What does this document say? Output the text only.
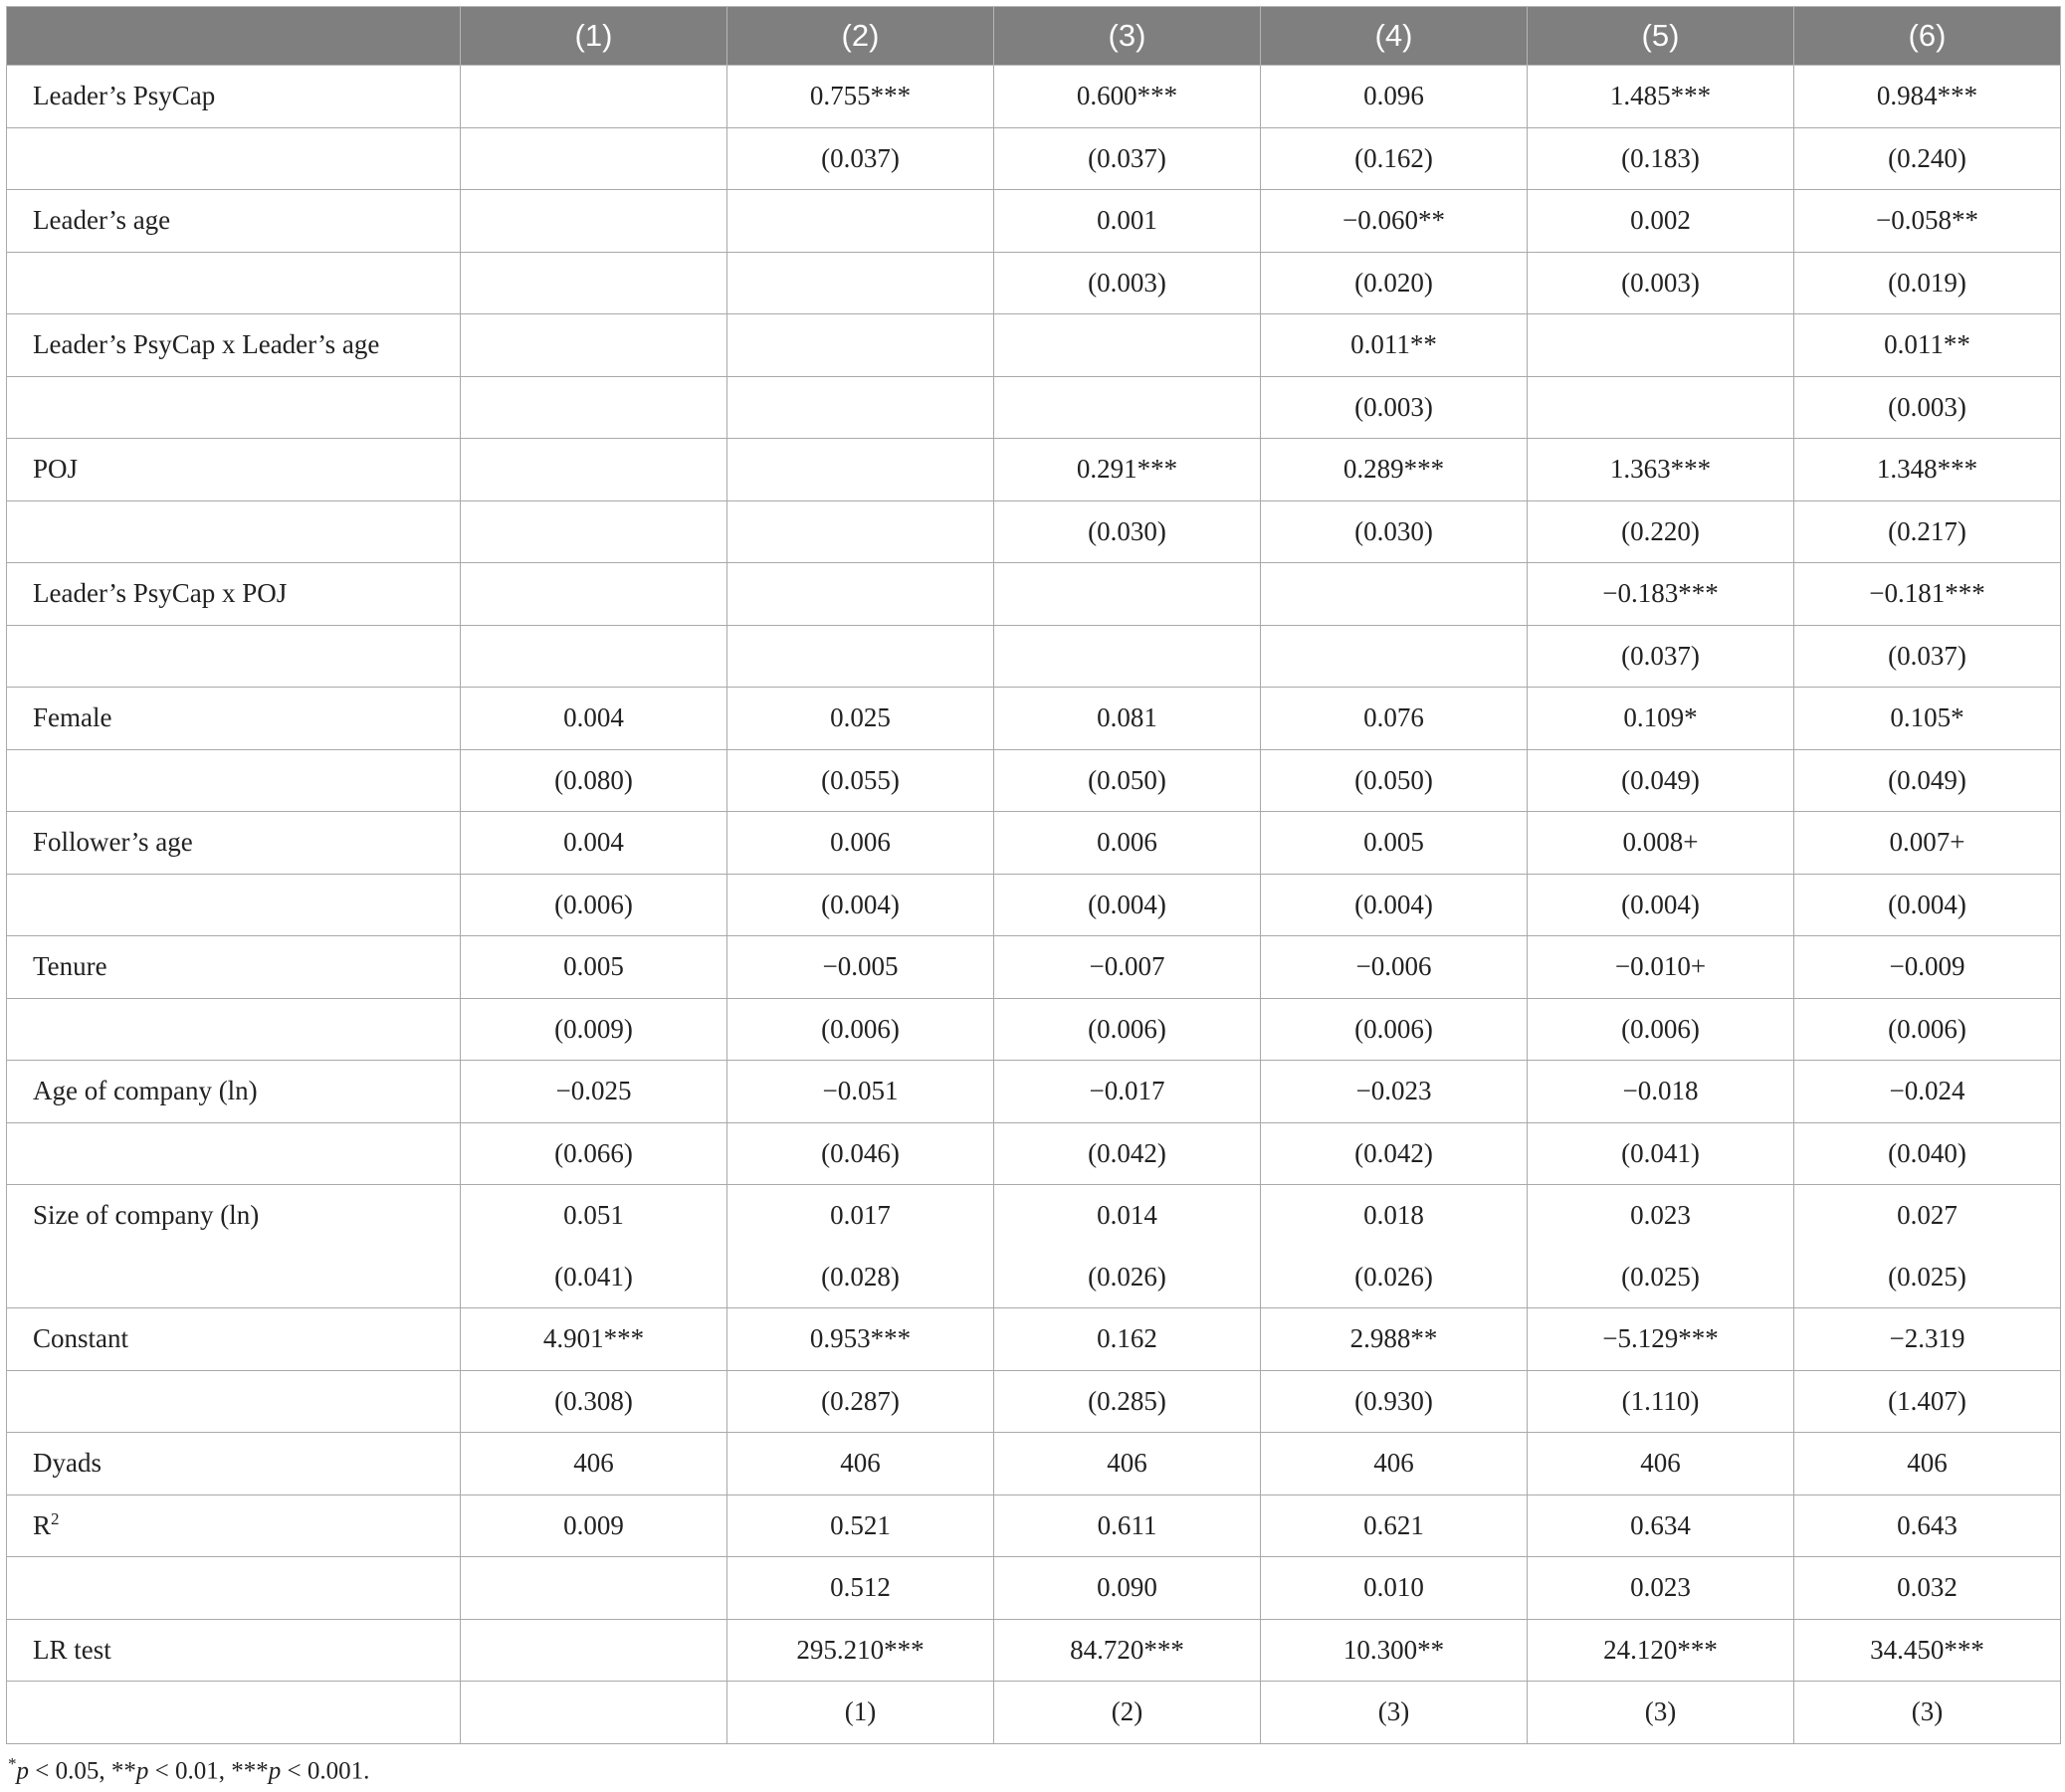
	(1)	(2)	(3)	(4)	(5)	(6)
Leader’s PsyCap		0.755***	0.600***	0.096	1.485***	0.984***
		(0.037)	(0.037)	(0.162)	(0.183)	(0.240)
Leader’s age			0.001	−0.060**	0.002	−0.058**
			(0.003)	(0.020)	(0.003)	(0.019)
Leader’s PsyCap x Leader’s age				0.011**		0.011**
				(0.003)		(0.003)
POJ			0.291***	0.289***	1.363***	1.348***
			(0.030)	(0.030)	(0.220)	(0.217)
Leader’s PsyCap x POJ					−0.183***	−0.181***
					(0.037)	(0.037)
Female	0.004	0.025	0.081	0.076	0.109*	0.105*
	(0.080)	(0.055)	(0.050)	(0.050)	(0.049)	(0.049)
Follower’s age	0.004	0.006	0.006	0.005	0.008+	0.007+
	(0.006)	(0.004)	(0.004)	(0.004)	(0.004)	(0.004)
Tenure	0.005	−0.005	−0.007	−0.006	−0.010+	−0.009
	(0.009)	(0.006)	(0.006)	(0.006)	(0.006)	(0.006)
Age of company (ln)	−0.025	−0.051	−0.017	−0.023	−0.018	−0.024
	(0.066)	(0.046)	(0.042)	(0.042)	(0.041)	(0.040)
Size of company (ln)	0.051	0.017	0.014	0.018	0.023	0.027
	(0.041)	(0.028)	(0.026)	(0.026)	(0.025)	(0.025)
Constant	4.901***	0.953***	0.162	2.988**	−5.129***	−2.319
	(0.308)	(0.287)	(0.285)	(0.930)	(1.110)	(1.407)
Dyads	406	406	406	406	406	406
$R^2$	0.009	0.521	0.611	0.621	0.634	0.643
		0.512	0.090	0.010	0.023	0.032
LR test		295.210***	84.720***	10.300**	24.120***	34.450***
		(1)	(2)	(3)	(3)	(3)
*p < 0.05, **p < 0.01, ***p < 0.001.
